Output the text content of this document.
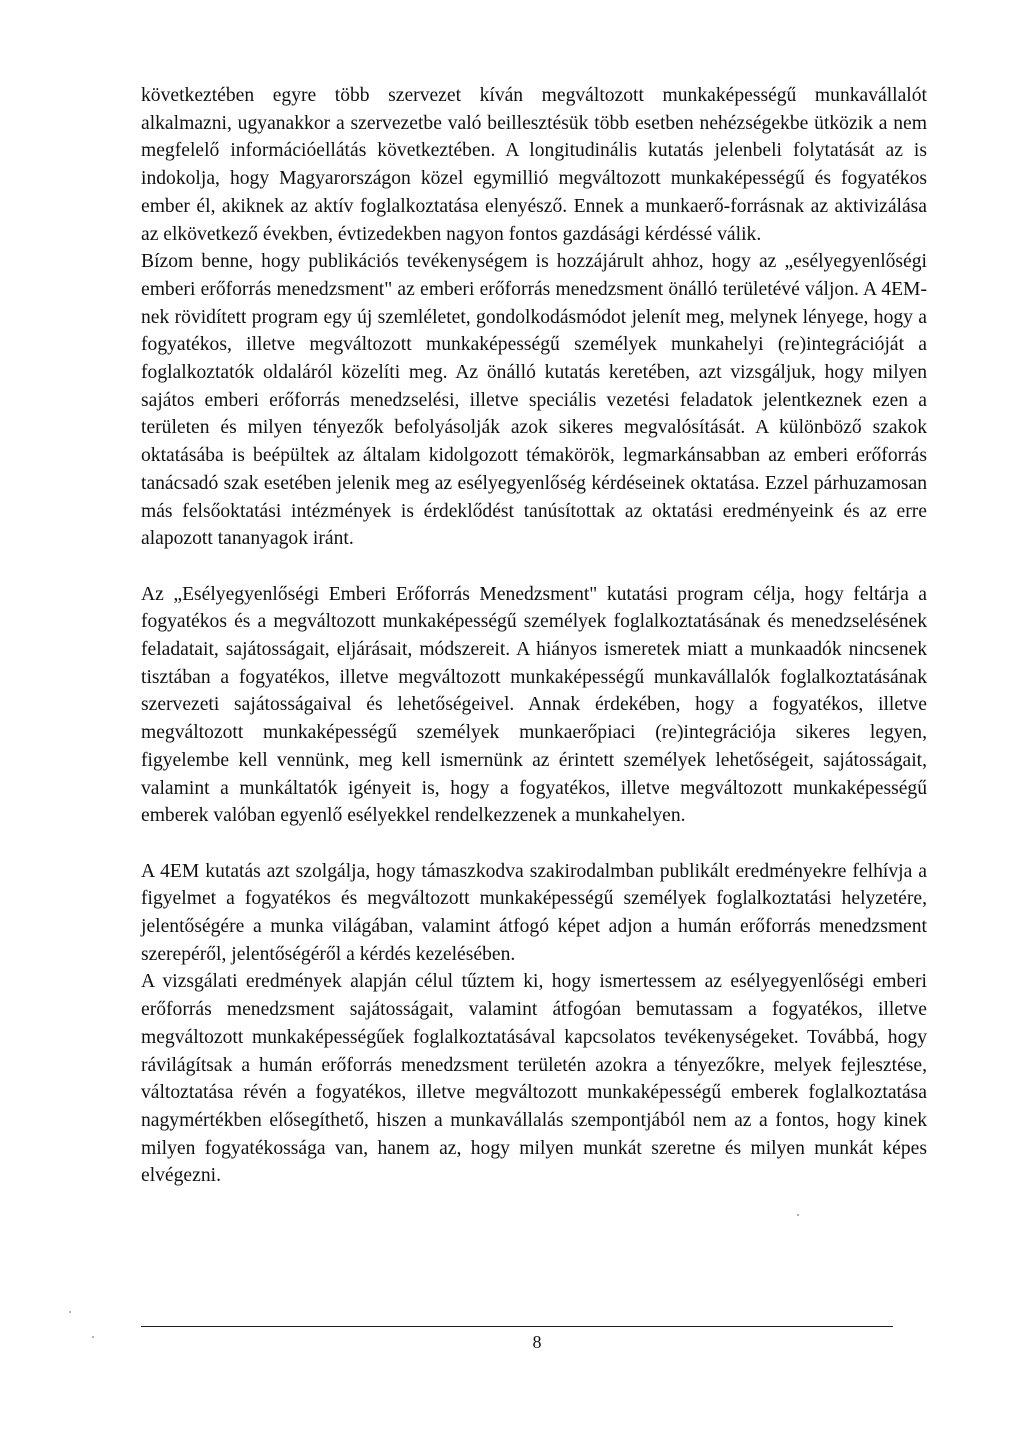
következtében egyre több szervezet kíván megváltozott munkaképességű munkavállalót alkalmazni, ugyanakkor a szervezetbe való beillesztésük több esetben nehézségekbe ütközik a nem megfelelő információellátás következtében. A longitudinális kutatás jelenbeli folytatását az is indokolja, hogy Magyarországon közel egymillió megváltozott munkaképességű és fogyatékos ember él, akiknek az aktív foglalkoztatása elenyésző. Ennek a munkaerő-forrásnak az aktivizálása az elkövetkező években, évtizedekben nagyon fontos gazdásági kérdéssé válik.

Bízom benne, hogy publikációs tevékenységem is hozzájárult ahhoz, hogy az „esélyegyenlőségi emberi erőforrás menedzsment" az emberi erőforrás menedzsment önálló területévé váljon. A 4EM-nek rövidített program egy új szemléletet, gondolkodásmódot jelenít meg, melynek lényege, hogy a fogyatékos, illetve megváltozott munkaképességű személyek munkahelyi (re)integrációját a foglalkoztatók oldaláról közelíti meg. Az önálló kutatás keretében, azt vizsgáljuk, hogy milyen sajátos emberi erőforrás menedzselési, illetve speciális vezetési feladatok jelentkeznek ezen a területen és milyen tényezők befolyásolják azok sikeres megvalósítását. A különböző szakok oktatásába is beépültek az általam kidolgozott témakörök, legmarkánsabban az emberi erőforrás tanácsadó szak esetében jelenik meg az esélyegyenlőség kérdéseinek oktatása. Ezzel párhuzamosan más felsőoktatási intézmények is érdeklődést tanúsítottak az oktatási eredményeink és az erre alapozott tananyagok iránt.

Az „Esélyegyenlőségi Emberi Erőforrás Menedzsment" kutatási program célja, hogy feltárja a fogyatékos és a megváltozott munkaképességű személyek foglalkoztatásának és menedzselésének feladatait, sajátosságait, eljárásait, módszereit. A hiányos ismeretek miatt a munkaadók nincsenek tisztában a fogyatékos, illetve megváltozott munkaképességű munkavállalók foglalkoztatásának szervezeti sajátosságaival és lehetőségeivel. Annak érdekében, hogy a fogyatékos, illetve megváltozott munkaképességű személyek munkaerőpiaci (re)integrációja sikeres legyen, figyelembe kell vennünk, meg kell ismernünk az érintett személyek lehetőségeit, sajátosságait, valamint a munkáltatók igényeit is, hogy a fogyatékos, illetve megváltozott munkaképességű emberek valóban egyenlő esélyekkel rendelkezzenek a munkahelyen.

A 4EM kutatás azt szolgálja, hogy támaszkodva szakirodalmban publikált eredményekre felhívja a figyelmet a fogyatékos és megváltozott munkaképességű személyek foglalkoztatási helyzetére, jelentőségére a munka világában, valamint átfogó képet adjon a humán erőforrás menedzsment szerepéről, jelentőségéről a kérdés kezelésében.

A vizsgálati eredmények alapján célul tűztem ki, hogy ismertessem az esélyegyenlőségi emberi erőforrás menedzsment sajátosságait, valamint átfogóan bemutassam a fogyatékos, illetve megváltozott munkaképességűek foglalkoztatásával kapcsolatos tevékenységeket. Továbbá, hogy rávilágítsak a humán erőforrás menedzsment területén azokra a tényezőkre, melyek fejlesztése, változtatása révén a fogyatékos, illetve megváltozott munkaképességű emberek foglalkoztatása nagymértékben elősegíthető, hiszen a munkavállalás szempontjából nem az a fontos, hogy kinek milyen fogyatékossága van, hanem az, hogy milyen munkát szeretne és milyen munkát képes elvégezni.

8
